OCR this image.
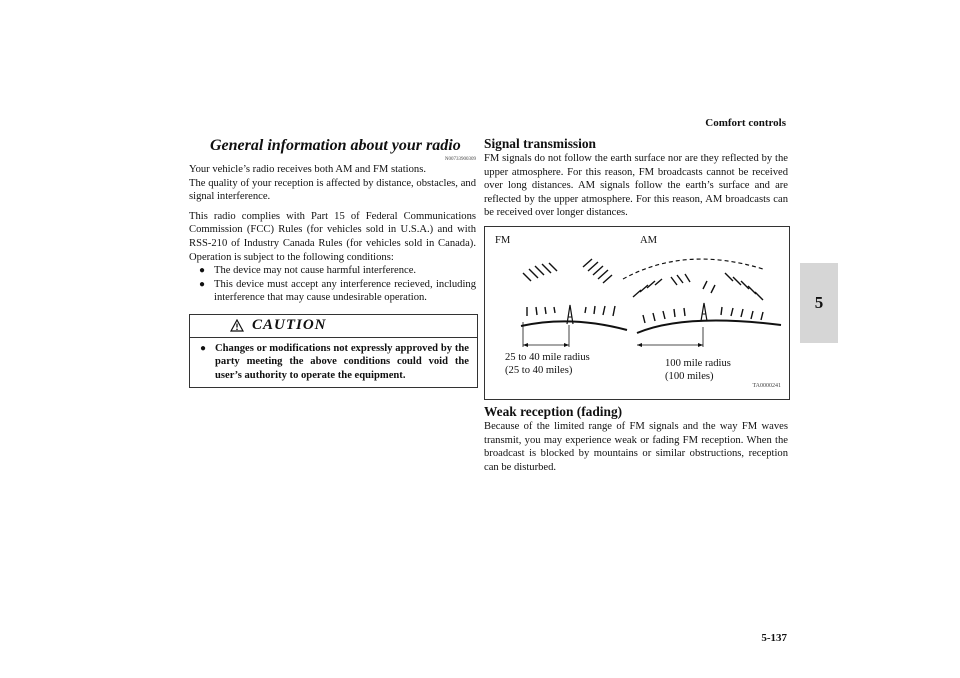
Comfort controls
5
5-137
General information about your radio
N00733900309

Your vehicle’s radio receives both AM and FM stations.

The quality of your reception is affected by distance, obstacles, and signal interference.

This radio complies with Part 15 of Federal Communications Commission (FCC) Rules (for vehicles sold in U.S.A.) and with RSS-210 of Industry Canada Rules (for vehicles sold in Canada). Operation is subject to the following conditions:

● The device may not cause harmful interference.
● This device must accept any interference recieved, including interference that may cause undesirable operation.
CAUTION
● Changes or modifications not expressly approved by the party meeting the above conditions could void the user’s authority to operate the equipment.
Signal transmission

FM signals do not follow the earth surface nor are they reflected by the upper atmosphere. For this reason, FM broadcasts cannot be received over long distances. AM signals follow the earth’s surface and are reflected by the upper atmosphere. For this reason, AM broadcasts can be received over longer distances.

FM	AM
25 to 40 mile radius
(25 to 40 miles)
100 mile radius
(100 miles)
TA0000241
Weak reception (fading)

Because of the limited range of FM signals and the way FM waves transmit, you may experience weak or fading FM reception. When the broadcast is blocked by mountains or similar obstructions, reception can be disturbed.
